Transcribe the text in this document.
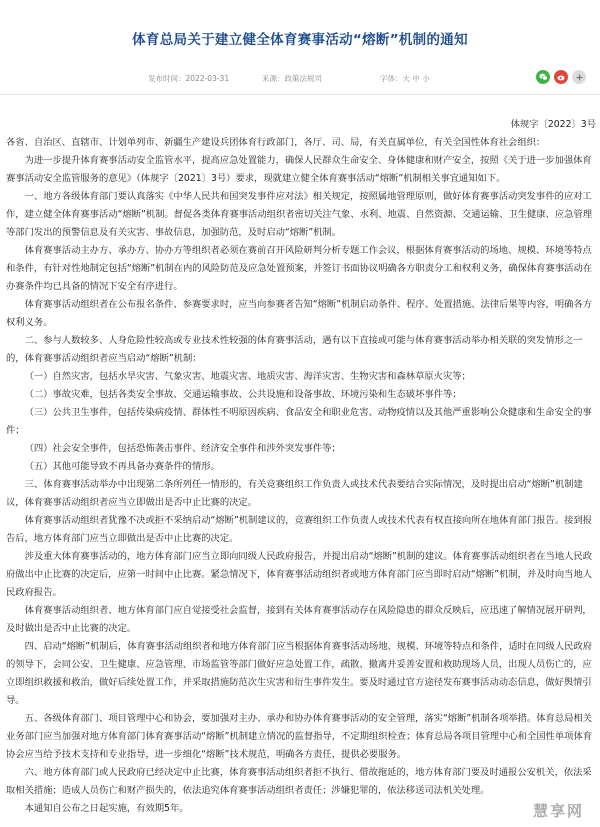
体育总局关于建立健全体育赛事活动“熔断”机制的通知
发布时间：2022-03-31	来源：政策法规司	字体：大 中 小

体规字〔2022〕3号

各省、自治区、直辖市、计划单列市、新疆生产建设兵团体育行政部门，各厅、司、局，有关直属单位，有关全国性体育社会组织：

为进一步提升体育赛事活动安全监管水平，提高应急处置能力，确保人民群众生命安全、身体健康和财产安全，按照《关于进一步加强体育赛事活动安全监管服务的意见》（体规字〔2021〕3号）要求，现就建立健全体育赛事活动“熔断”机制相关事宜通知如下。

一、地方各级体育部门要认真落实《中华人民共和国突发事件应对法》相关规定，按照属地管理原则，做好体育赛事活动突发事件的应对工作，建立健全体育赛事活动“熔断”机制。督促各类体育赛事活动组织者密切关注气象、水利、地震、自然资源、交通运输、卫生健康、应急管理等部门发出的预警信息及有关灾害、事故信息，加强防范，及时启动“熔断”机制。

体育赛事活动主办方、承办方、协办方等组织者必须在赛前召开风险研判分析专题工作会议，根据体育赛事活动的场地、规模、环境等特点和条件，有针对性地制定包括“熔断”机制在内的风险防范及应急处置预案，并签订书面协议明确各方职责分工和权利义务，确保体育赛事活动在办赛条件均已具备的情况下安全有序进行。

体育赛事活动组织者在公布报名条件、参赛要求时，应当向参赛者告知“熔断”机制启动条件、程序、处置措施、法律后果等内容，明确各方权利义务。

二、参与人数较多、人身危险性较高或专业技术性较强的体育赛事活动，遇有以下直接或可能与体育赛事活动举办相关联的突发情形之一的，体育赛事活动组织者应当启动“熔断”机制：

（一）自然灾害，包括水旱灾害、气象灾害、地震灾害、地质灾害、海洋灾害、生物灾害和森林草原火灾等；

（二）事故灾难，包括各类安全事故、交通运输事故、公共设施和设备事故、环境污染和生态破坏事件等；

（三）公共卫生事件，包括传染病疫情、群体性不明原因疾病、食品安全和职业危害、动物疫情以及其他严重影响公众健康和生命安全的事件；

（四）社会安全事件，包括恐怖袭击事件、经济安全事件和涉外突发事件等；

（五）其他可能导致不再具备办赛条件的情形。

三、体育赛事活动举办中出现第二条所列任一情形的，有关竞赛组织工作负责人或技术代表要结合实际情况，及时提出启动“熔断”机制建议，体育赛事活动组织者应当立即做出是否中止比赛的决定。

体育赛事活动组织者犹豫不决或拒不采纳启动“熔断”机制建议的，竞赛组织工作负责人或技术代表有权直接向所在地体育部门报告。接到报告后，地方体育部门应当立即做出是否中止比赛的决定。

涉及重大体育赛事活动的，地方体育部门应当立即向同级人民政府报告，并提出启动“熔断”机制的建议。体育赛事活动组织者在当地人民政府做出中止比赛的决定后，应第一时间中止比赛。紧急情况下，体育赛事活动组织者或地方体育部门应当即时启动“熔断”机制，并及时向当地人民政府报告。

体育赛事活动组织者、地方体育部门应自觉接受社会监督，接到有关体育赛事活动存在风险隐患的群众反映后，应迅速了解情况展开研判，及时做出是否中止比赛的决定。

四、启动“熔断”机制后，体育赛事活动组织者和地方体育部门应当根据体育赛事活动场地、规模、环境等特点和条件，适时在同级人民政府的领导下，会同公安、卫生健康、应急管理、市场监管等部门做好应急处置工作，疏散、撤离并妥善安置和救助现场人员，出现人员伤亡的，应立即组织救援和救治，做好后续处置工作，并采取措施防范次生灾害和衍生事件发生。要及时通过官方途径发布赛事活动动态信息，做好舆情引导。

五、各级体育部门、项目管理中心和协会，要加强对主办、承办和协办体育赛事活动的安全管理，落实“熔断”机制各项举措。体育总局相关业务部门应当加强对地方体育部门体育赛事活动“熔断”机制建立情况的监督指导，不定期组织检查；体育总局各项目管理中心和全国性单项体育协会应当给予技术支持和专业指导，进一步细化“熔断”技术规范，明确各方责任，提供必要服务。

六、地方体育部门或人民政府已经决定中止比赛，体育赛事活动组织者拒不执行、借故拖延的，地方体育部门要及时通报公安机关，依法采取相关措施；造成人员伤亡和财产损失的，依法追究体育赛事活动组织者责任；涉嫌犯罪的，依法移送司法机关处理。

本通知自公布之日起实施，有效期5年。	慧享网
